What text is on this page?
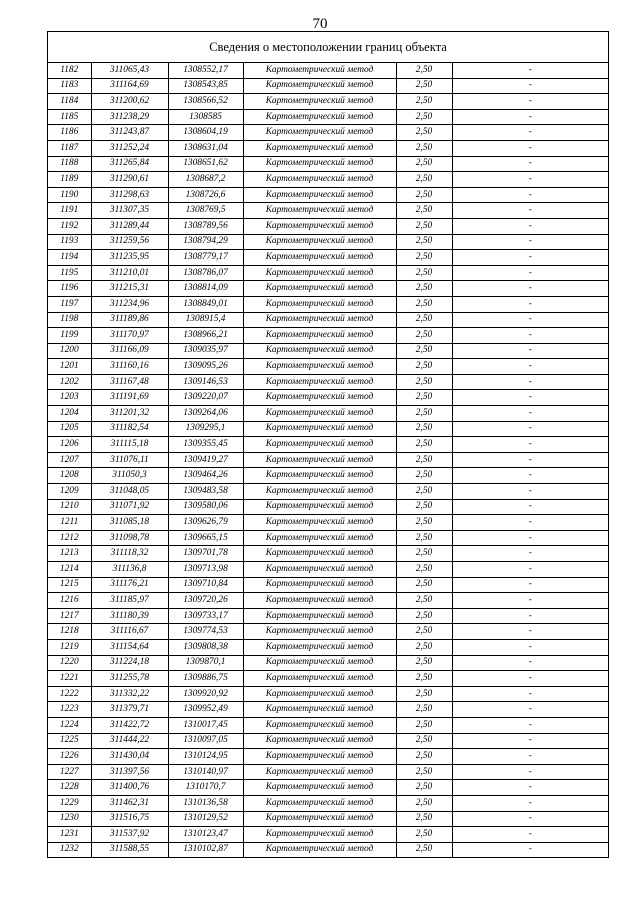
70
Сведения о местоположении границ объекта
1182	311065,43	1308552,17	Картометрический метод	2,50	-
1183	311164,69	1308543,85	Картометрический метод	2,50	-
1184	311200,62	1308566,52	Картометрический метод	2,50	-
1185	311238,29	1308585	Картометрический метод	2,50	-
1186	311243,87	1308604,19	Картометрический метод	2,50	-
1187	311252,24	1308631,04	Картометрический метод	2,50	-
1188	311265,84	1308651,62	Картометрический метод	2,50	-
1189	311290,61	1308687,2	Картометрический метод	2,50	-
1190	311298,63	1308726,6	Картометрический метод	2,50	-
1191	311307,35	1308769,5	Картометрический метод	2,50	-
1192	311289,44	1308789,56	Картометрический метод	2,50	-
1193	311259,56	1308794,29	Картометрический метод	2,50	-
1194	311235,95	1308779,17	Картометрический метод	2,50	-
1195	311210,01	1308786,07	Картометрический метод	2,50	-
1196	311215,31	1308814,09	Картометрический метод	2,50	-
1197	311234,96	1308849,01	Картометрический метод	2,50	-
1198	311189,86	1308915,4	Картометрический метод	2,50	-
1199	311170,97	1308966,21	Картометрический метод	2,50	-
1200	311166,09	1309035,97	Картометрический метод	2,50	-
1201	311160,16	1309095,26	Картометрический метод	2,50	-
1202	311167,48	1309146,53	Картометрический метод	2,50	-
1203	311191,69	1309220,07	Картометрический метод	2,50	-
1204	311201,32	1309264,06	Картометрический метод	2,50	-
1205	311182,54	1309295,1	Картометрический метод	2,50	-
1206	311115,18	1309355,45	Картометрический метод	2,50	-
1207	311076,11	1309419,27	Картометрический метод	2,50	-
1208	311050,3	1309464,26	Картометрический метод	2,50	-
1209	311048,05	1309483,58	Картометрический метод	2,50	-
1210	311071,92	1309580,06	Картометрический метод	2,50	-
1211	311085,18	1309626,79	Картометрический метод	2,50	-
1212	311098,78	1309665,15	Картометрический метод	2,50	-
1213	311118,32	1309701,78	Картометрический метод	2,50	-
1214	311136,8	1309713,98	Картометрический метод	2,50	-
1215	311176,21	1309710,84	Картометрический метод	2,50	-
1216	311185,97	1309720,26	Картометрический метод	2,50	-
1217	311180,39	1309733,17	Картометрический метод	2,50	-
1218	311116,67	1309774,53	Картометрический метод	2,50	-
1219	311154,64	1309808,38	Картометрический метод	2,50	-
1220	311224,18	1309870,1	Картометрический метод	2,50	-
1221	311255,78	1309886,75	Картометрический метод	2,50	-
1222	311332,22	1309920,92	Картометрический метод	2,50	-
1223	311379,71	1309952,49	Картометрический метод	2,50	-
1224	311422,72	1310017,45	Картометрический метод	2,50	-
1225	311444,22	1310097,05	Картометрический метод	2,50	-
1226	311430,04	1310124,95	Картометрический метод	2,50	-
1227	311397,56	1310140,97	Картометрический метод	2,50	-
1228	311400,76	1310170,7	Картометрический метод	2,50	-
1229	311462,31	1310136,58	Картометрический метод	2,50	-
1230	311516,75	1310129,52	Картометрический метод	2,50	-
1231	311537,92	1310123,47	Картометрический метод	2,50	-
1232	311588,55	1310102,87	Картометрический метод	2,50	-
